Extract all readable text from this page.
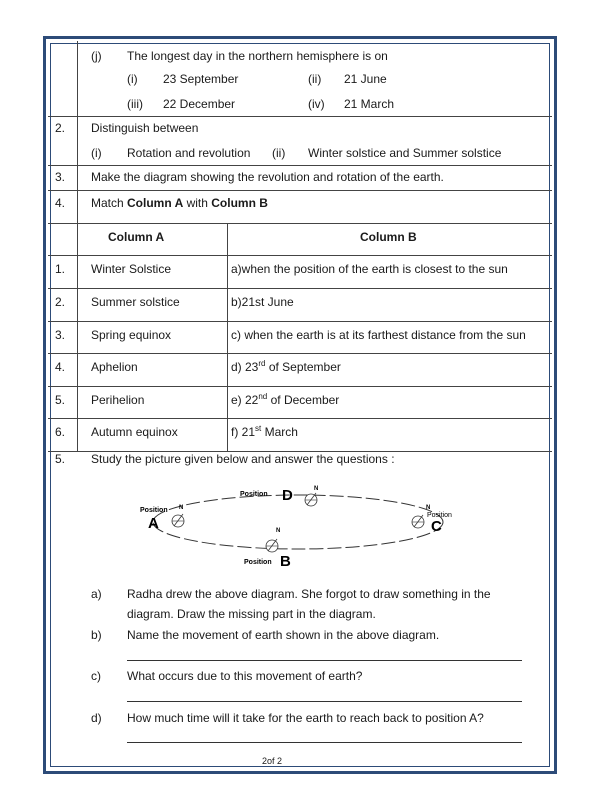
(j) The longest day in the northern hemisphere is on
(i) 23 September	(ii) 21 June
(iii) 22 December	(iv) 21 March
2. Distinguish between
(i) Rotation and revolution (ii) Winter solstice and Summer solstice
3. Make the diagram showing the revolution and rotation of the earth.
4. Match Column A with Column B
Column A	Column B
1. Winter Solstice	a)when the position of the earth is closest to the sun
2. Summer solstice	b)21st June
3. Spring equinox	c) when the earth is at its farthest distance from the sun
4. Aphelion	d) 23rd of September
5. Perihelion	e) 22nd of December
6. Autumn equinox	f) 21st March
5. Study the picture given below and answer the questions :
Position N
A
Position D	N
N
Position
C
N
Position B
a) Radha drew the above diagram. She forgot to draw something in the
diagram. Draw the missing part in the diagram.
b) Name the movement of earth shown in the above diagram.
c) What occurs due to this movement of earth?
d) How much time will it take for the earth to reach back to position A?
2of 2
